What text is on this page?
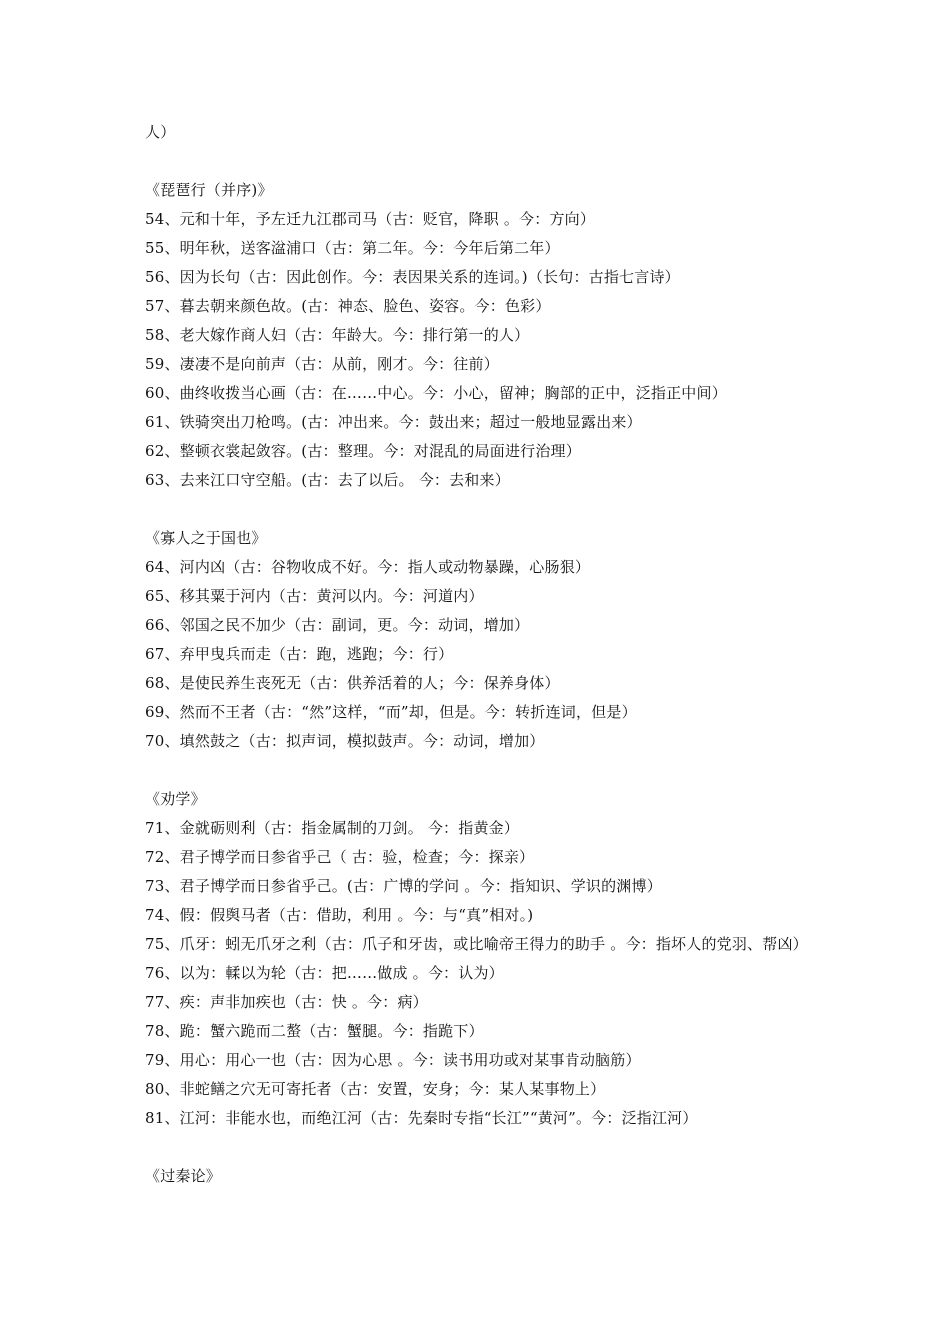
人）
《琵琶行（并序)》
54、元和十年，予左迁九江郡司马（古：贬官，降职 。今：方向）
55、明年秋，送客湓浦口（古：第二年。今：今年后第二年）
56、因为长句（古：因此创作。今：表因果关系的连词。)（长句：古指七言诗）
57、暮去朝来颜色故。(古：神态、脸色、姿容。今：色彩）
58、老大嫁作商人妇（古：年龄大。今：排行第一的人）
59、凄凄不是向前声（古：从前，刚才。今：往前）
60、曲终收拨当心画（古：在……中心。今：小心，留神；胸部的正中，泛指正中间）
61、铁骑突出刀枪鸣。(古：冲出来。今：鼓出来；超过一般地显露出来）
62、整顿衣裳起敛容。(古：整理。今：对混乱的局面进行治理）
63、去来江口守空船。(古：去了以后。 今：去和来）
《寡人之于国也》
64、河内凶（古：谷物收成不好。今：指人或动物暴躁，心肠狠）
65、移其粟于河内（古：黄河以内。今：河道内）
66、邻国之民不加少（古：副词，更。今：动词，增加）
67、弃甲曳兵而走（古：跑，逃跑；今：行）
68、是使民养生丧死无（古：供养活着的人；今：保养身体）
69、然而不王者（古：“然”这样，“而”却，但是。今：转折连词，但是）
70、填然鼓之（古：拟声词，模拟鼓声。今：动词，增加）
《劝学》
71、金就砺则利（古：指金属制的刀剑。 今：指黄金）
72、君子博学而日参省乎己（ 古：验，检查；今：探亲）
73、君子博学而日参省乎己。(古：广博的学问 。今：指知识、学识的渊博）
74、假：假舆马者（古：借助，利用 。今：与“真”相对。)
75、爪牙：蚓无爪牙之利（古：爪子和牙齿，或比喻帝王得力的助手 。今：指坏人的党羽、帮凶）
76、以为：輮以为轮（古：把……做成 。今：认为）
77、疾：声非加疾也（古：快 。今：病）
78、跪：蟹六跪而二螯（古：蟹腿。今：指跪下）
79、用心：用心一也（古：因为心思 。今：读书用功或对某事肯动脑筋）
80、非蛇鳝之穴无可寄托者（古：安置，安身；今：某人某事物上）
81、江河：非能水也，而绝江河（古：先秦时专指“长江”“黄河”。今：泛指江河）
《过秦论》
